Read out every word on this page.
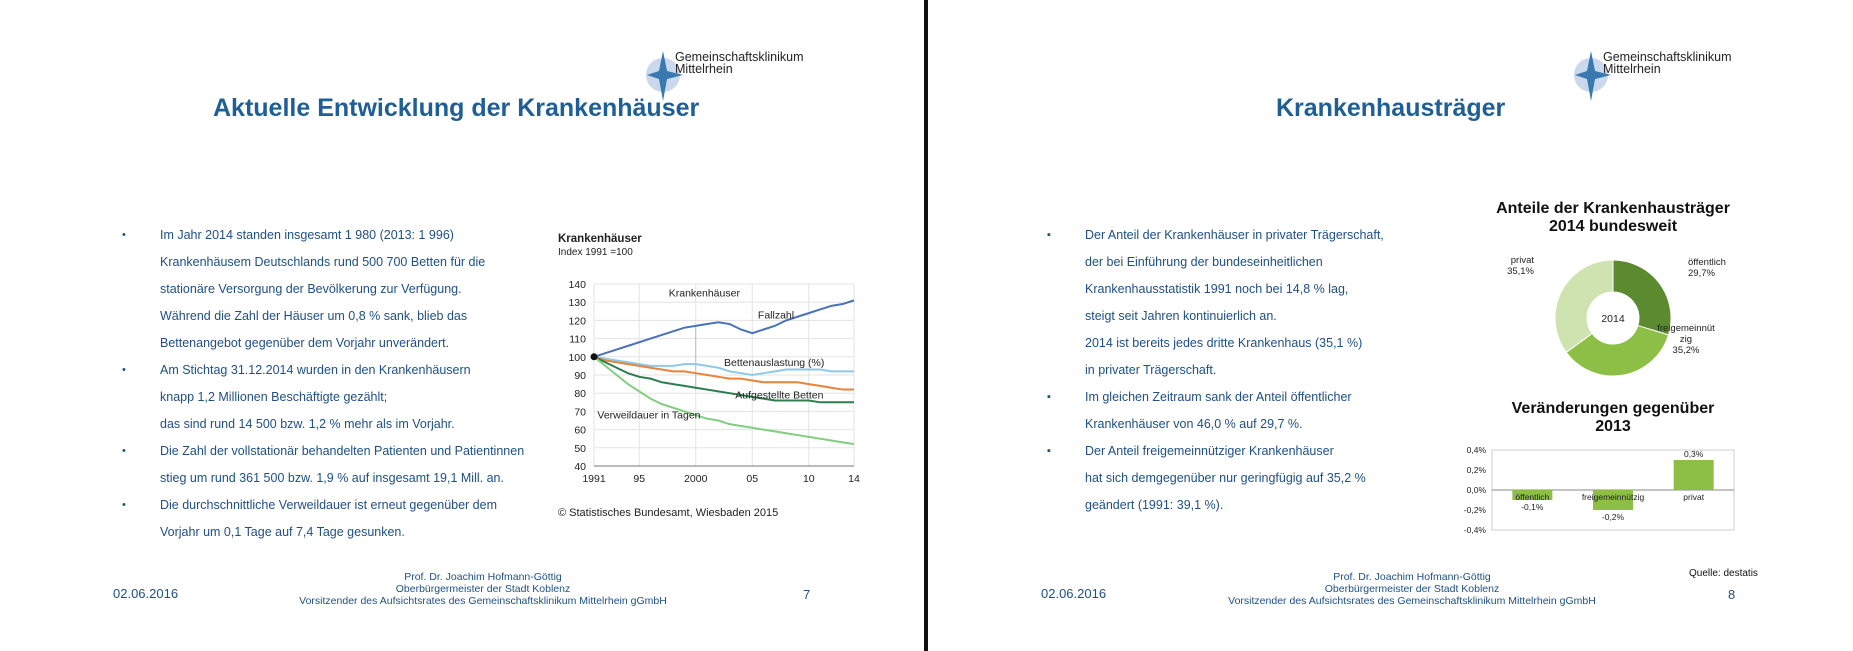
Gemeinschaftsklinikum
Mittelrhein
Aktuelle Entwicklung der Krankenhäuser
•	Im Jahr 2014 standen insgesamt 1 980 (2013: 1 996)
Krankenhäusem Deutschlands rund 500 700 Betten für die
stationäre Versorgung der Bevölkerung zur Verfügung.
Während die Zahl der Häuser um 0,8 % sank, blieb das
Bettenangebot gegenüber dem Vorjahr unverändert.
•	Am Stichtag 31.12.2014 wurden in den Krankenhäusern
knapp 1,2 Millionen Beschäftigte gezählt;
das sind rund 14 500 bzw. 1,2 % mehr als im Vorjahr.
•	Die Zahl der vollstationär behandelten Patienten und Patientinnen
stieg um rund 361 500 bzw. 1,9 % auf insgesamt 19,1 Mill. an.
•	Die durchschnittliche Verweildauer ist erneut gegenüber dem
Vorjahr um 0,1 Tage auf 7,4 Tage gesunken.
Krankenhäuser
Index 1991 =100
40
50
60
70
80
90
100
110
120
130
140
1991	95	2000	05	10	14
Krankenhäuser
Fallzahl
Bettenauslastung (%)
Aufgestellte Betten
Verweildauer in Tagen
© Statistisches Bundesamt, Wiesbaden 2015
02.06.2016
Prof. Dr. Joachim Hofmann-Göttig
Oberbürgermeister der Stadt Koblenz
Vorsitzender des Aufsichtsrates des Gemeinschaftsklinikum Mittelrhein gGmbH	7
Gemeinschaftsklinikum
Mittelrhein
Krankenhausträger
▪	Der Anteil der Krankenhäuser in privater Trägerschaft,
der bei Einführung der bundeseinheitlichen
Krankenhausstatistik 1991 noch bei 14,8 % lag,
steigt seit Jahren kontinuierlich an.
2014 ist bereits jedes dritte Krankenhaus (35,1 %)
in privater Trägerschaft.
▪	Im gleichen Zeitraum sank der Anteil öffentlicher
Krankenhäuser von 46,0 % auf 29,7 %.
▪	Der Anteil freigemeinnütziger Krankenhäuser
hat sich demgegenüber nur geringfügig auf 35,2 %
geändert (1991: 39,1 %).
Anteile der Krankenhausträger
2014 bundesweit
2014
öffentlich 29,7%
freigemeinnüt zig 35,2%
privat 35,1%
Veränderungen gegenüber
2013
-0,4%
-0,2%
0,0%
0,2%
0,4%
öffentlich
-0,1%
freigemeinnützig
-0,2%
privat
0,3%
Quelle: destatis
02.06.2016
Prof. Dr. Joachim Hofmann-Göttig
Oberbürgermeister der Stadt Koblenz
Vorsitzender des Aufsichtsrates des Gemeinschaftsklinikum Mittelrhein gGmbH	8
